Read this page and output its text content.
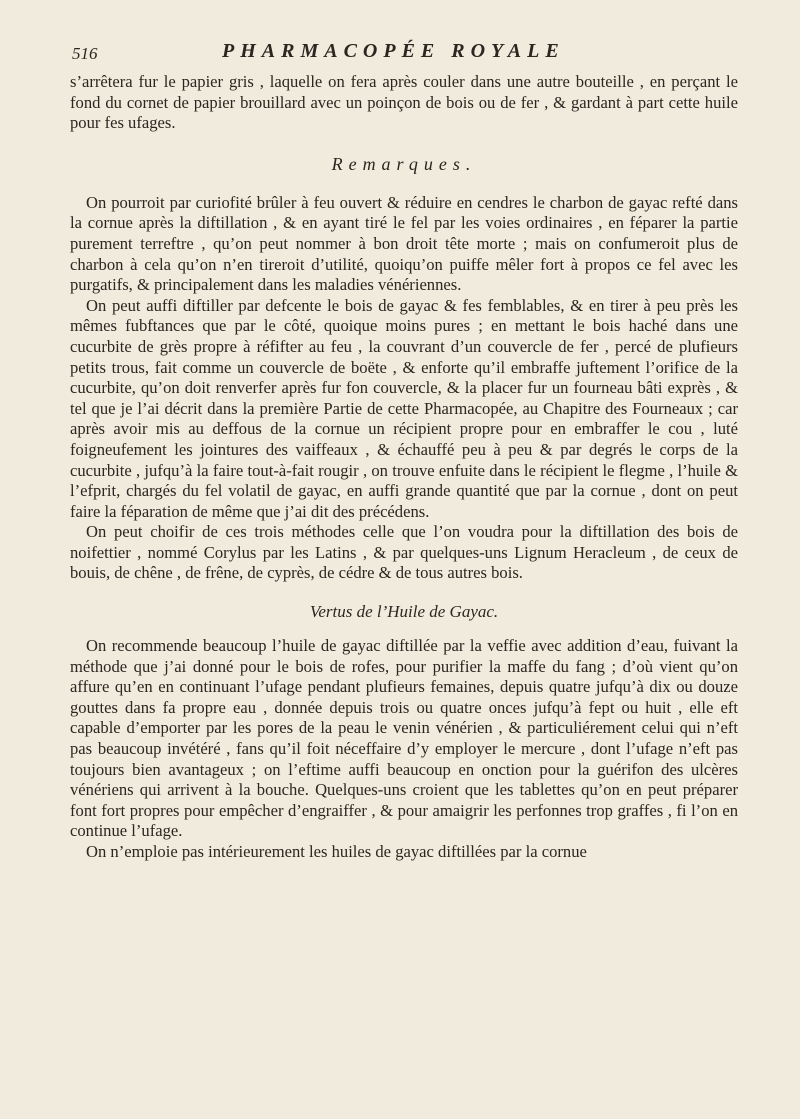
516	PHARMACOPÉE ROYALE

s’arrêtera fur le papier gris , laquelle on fera après couler dans une autre bouteille , en perçant le fond du cornet de papier brouillard avec un poinçon de bois ou de fer , & gardant à part cette huile pour fes ufages.

Remarques.

On pourroit par curiofité brûler à feu ouvert & réduire en cendres le charbon de gayac refté dans la cornue après la diftillation , & en ayant tiré le fel par les voies ordinaires , en féparer la partie purement terreftre , qu’on peut nommer à bon droit tête morte ; mais on confumeroit plus de charbon à cela qu’on n’en tireroit d’utilité, quoiqu’on puiffe mêler fort à propos ce fel avec les purgatifs, & principalement dans les maladies vénériennes.

On peut auffi diftiller par defcente le bois de gayac & fes femblables, & en tirer à peu près les mêmes fubftances que par le côté, quoique moins pures ; en mettant le bois haché dans une cucurbite de grès propre à réfifter au feu , la couvrant d’un couvercle de fer , percé de plufieurs petits trous, fait comme un couvercle de boëte , & enforte qu’il embraffe juftement l’orifice de la cucurbite, qu’on doit renverfer après fur fon couvercle, & la placer fur un fourneau bâti exprès , & tel que je l’ai décrit dans la première Partie de cette Pharmacopée, au Chapitre des Fourneaux ; car après avoir mis au deffous de la cornue un récipient propre pour en embraffer le cou , luté foigneufement les jointures des vaiffeaux , & échauffé peu à peu & par degrés le corps de la cucurbite , jufqu’à la faire tout-à-fait rougir , on trouve enfuite dans le récipient le flegme , l’huile & l’efprit, chargés du fel volatil de gayac, en auffi grande quantité que par la cornue , dont on peut faire la féparation de même que j’ai dit des précédens.

On peut choifir de ces trois méthodes celle que l’on voudra pour la diftillation des bois de noifettier , nommé Corylus par les Latins , & par quelques-uns Lignum Heracleum , de ceux de bouis, de chêne , de frêne, de cyprès, de cédre & de tous autres bois.

Vertus de l’Huile de Gayac.

On recommende beaucoup l’huile de gayac diftillée par la veffie avec addition d’eau, fuivant la méthode que j’ai donné pour le bois de rofes, pour purifier la maffe du fang ; d’où vient qu’on affure qu’en en continuant l’ufage pendant plufieurs femaines, depuis quatre jufqu’à dix ou douze gouttes dans fa propre eau , donnée depuis trois ou quatre onces jufqu’à fept ou huit , elle eft capable d’emporter par les pores de la peau le venin vénérien , & particuliérement celui qui n’eft pas beaucoup invétéré , fans qu’il foit néceffaire d’y employer le mercure , dont l’ufage n’eft pas toujours bien avantageux ; on l’eftime auffi beaucoup en onction pour la guérifon des ulcères vénériens qui arrivent à la bouche. Quelques-uns croient que les tablettes qu’on en peut préparer font fort propres pour empêcher d’engraiffer , & pour amaigrir les perfonnes trop graffes , fi l’on en continue l’ufage.

On n’emploie pas intérieurement les huiles de gayac diftillées par la cornue
